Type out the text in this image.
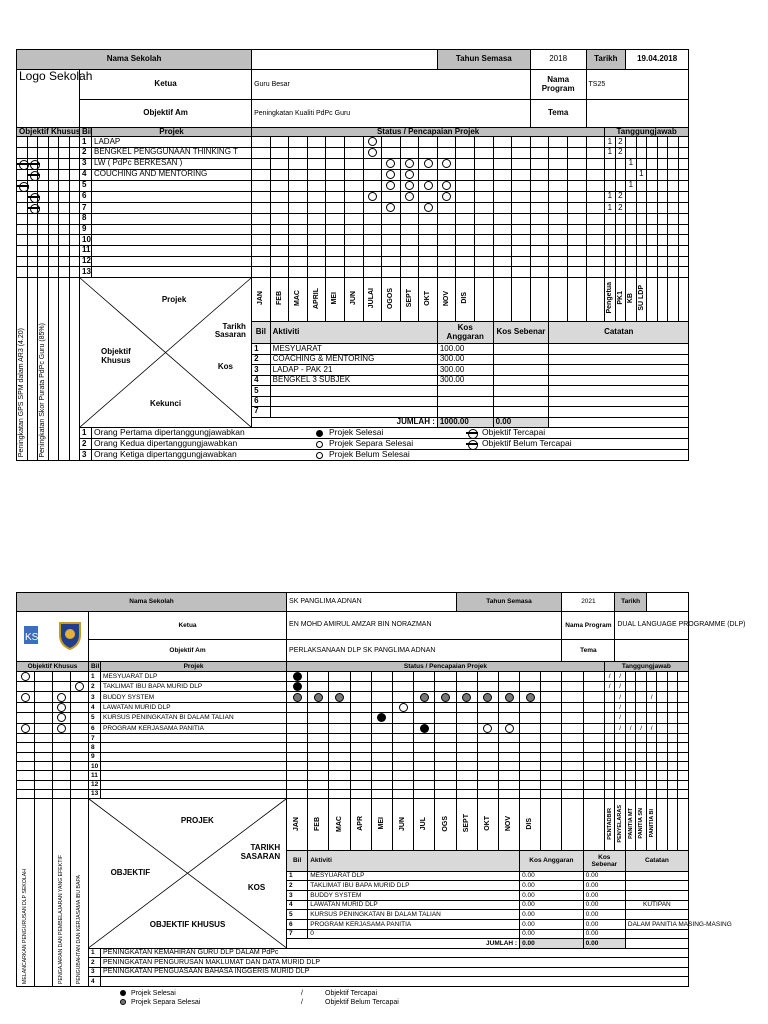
Nama Sekolah																		Tahun Semasa					2018			Tarikh			19.04.2018					
Logo Sekolah						Ketua		Guru Besar															Nama Program			TS25								
						Objektif Am		Peningkatan Kualiti PdPc Guru															Tema											
Objektif Khusus						Bil	Projek	Status / Pencapaian Projek																			Tanggungjawab							
						1	LADAP																				1	2						
						2	BENGKEL PENGGUNAAN THINKING T																				1	2						
						3	LW ( PdPc BERKESAN )																						1					
						4	COUCHING AND MENTORING																							1				
						5																							1					
						6																					1	2						
						7																					1	2						
						8																												
						9																												
						10																												
						11																												
						12																												
						13																												
Peningkatan GPS SPM dalam AR3 (4.20)		Peningkatan Skor Purata PdPc Guru (85%)				Projek
Tarikh Sasaran
Objektif Khusus
Kos
Kekunci		JAN	FEB	MAC	APRIL	MEI	JUN	JULAI	OGOS	SEPT	OKT	NOV	DIS								Pengetua	PK1	KB	SU LDP				
								Bil	Aktiviti									Kos Anggaran			Kos Sebenar			Catatan										
								1	MESYUARAT									100.00																
								2	COACHING & MENTORING									300.00																
								3	LADAP - PAK 21									300.00																
								4	BENGKEL 3 SUBJEK									300.00																
								5																										
								6																										
								7																										
								JUMLAH :										1000.00			0.00													
						1	Orang Pertama dipertanggungjawabkan Projek Selesai Objektif Tercapai																											
						2	Orang Kedua dipertanggungjawabkan Projek Separa Selesai Objektif Belum Tercapai																											
						3	Orang Ketiga dipertanggungjawabkan Projek Belum Selesai																											
Nama Sekolah						SK PANGLIMA ADNAN								Tahun Semasa					2021			Tarikh						

KS				Ketua		EN MOHD AMIRUL AMZAR BIN NORAZMAN													Nama Program			DUAL LANGUAGE PROGRAMME (DLP)						
				Objektif Am		PERLAKSANAAN DLP SK PANGLIMA ADNAN													Tema									
Objektif Khusus				Bil	Projek	Status / Pencapaian Projek															Tanggungjawab							
				1	MESYUARAT DLP																/	/						
				2	TAKLIMAT IBU BAPA MURID DLP																/	/						
				3	BUDDY SYSTEM																	/			/			
				4	LAWATAN MURID DLP																	/						
				5	KURSUS PENINGKATAN BI DALAM TALIAN																	/						
				6	PROGRAM KERJASAMA PANITIA																	/	/	/	/			
				7																								
				8																								
				9																								
				10																								
				11																								
				12																								
				13																								
MELANCARKAN PENGURUSAN DLP SEKOLAH		PENGAJARAN DAN PEMBELAJARAN YANG EFEKTIF	PENGUBAHTAN DAN KERJASAMA IBU BAPA	PROJEK
TARIKH SASARAN
OBJEKTIF
KOS
OBJEKTIF KHUSUS		JAN	FEB	MAC	APR	MEI	JUN	JUL	OGS	SEPT	OKT	NOV	DIS				PENTADBIR	PENYELARAS	PANITIA MT	PANITIA SN	PANITIA BI			
						Bil	Aktiviti										Kos Anggaran			Kos Sebenar			Catatan					
						1	MESYUARAT DLP										0.00			0.00								
						2	TAKLIMAT IBU BAPA MURID DLP										0.00			0.00								
						3	BUDDY SYSTEM										0.00			0.00								
						4	LAWATAN MURID DLP										0.00			0.00			KUTIPAN					
						5	KURSUS PENINGKATAN BI DALAM TALIAN										0.00			0.00								
						6	PROGRAM KERJASAMA PANITIA										0.00			0.00			DALAM PANITIA MASING-MASING					
						7	0										0.00			0.00								
						JUMLAH :											0.00			0.00								
				1	PENINGKATAN KEMAHIRAN GURU DLP DALAM PdPc																							
				2	PENINGKATAN PENGURUSAN MAKLUMAT DAN DATA MURID DLP																							
				3	PENINGKATAN PENGUASAAN BAHASA INGGERIS MURID DLP																							
				4																								
Projek Selesai	/	Objektif Tercapai
Projek Separa Selesai	/	Objektif Belum Tercapai
